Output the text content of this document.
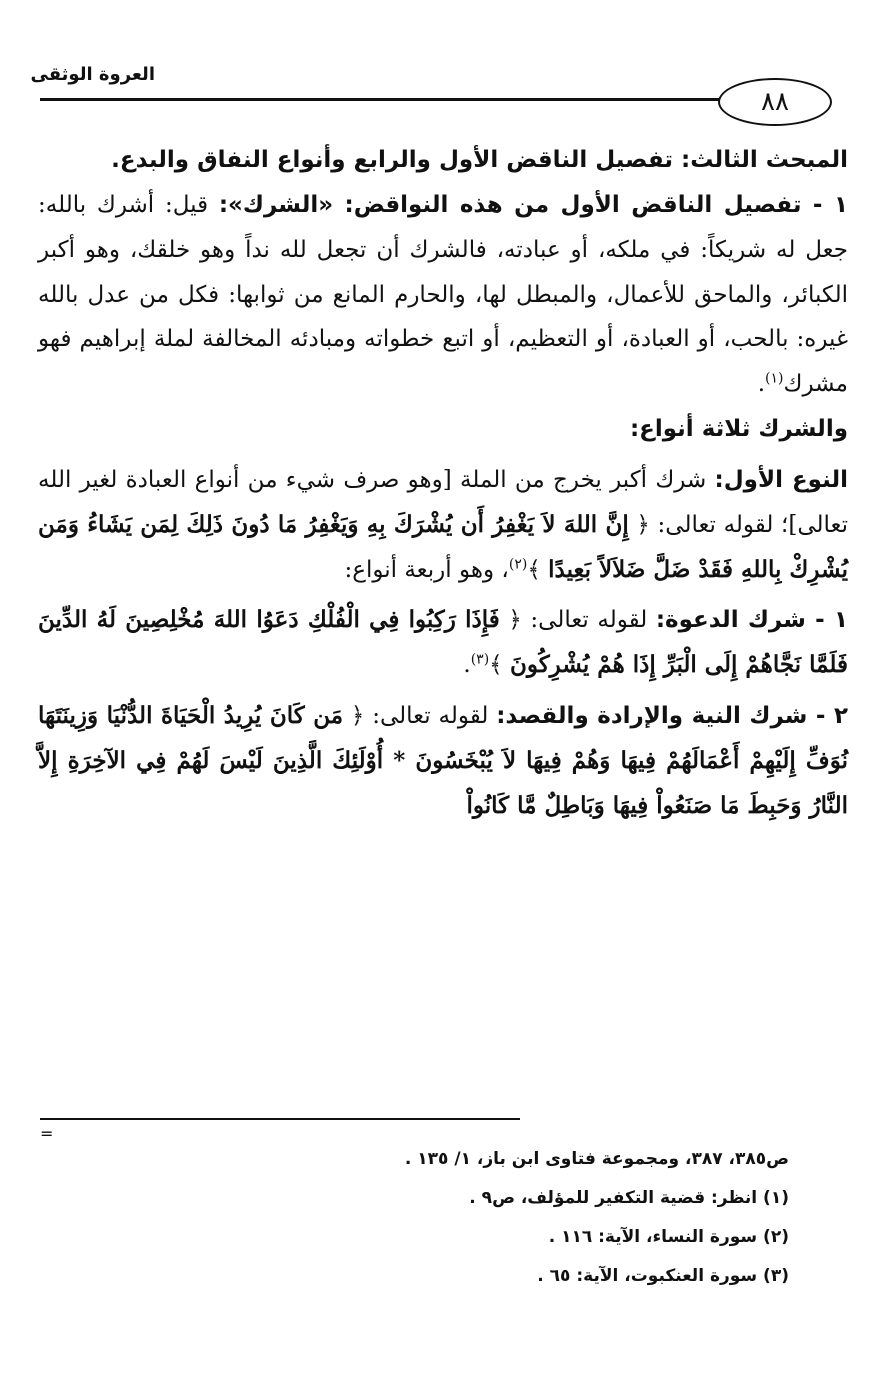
العروة الوثقى
٨٨

المبحث الثالث: تفصيل الناقض الأول والرابع وأنواع النفاق والبدع.

١ - تفصيل الناقض الأول من هذه النواقض: «الشرك»: قيل: أشرك بالله: جعل له شريكاً: في ملكه، أو عبادته، فالشرك أن تجعل لله نداً وهو خلقك، وهو أكبر الكبائر، والماحق للأعمال، والمبطل لها، والحارم المانع من ثوابها: فكل من عدل بالله غيره: بالحب، أو العبادة، أو التعظيم، أو اتبع خطواته ومبادئه المخالفة لملة إبراهيم فهو مشرك$^{(١)}$.

والشرك ثلاثة أنواع:

النوع الأول: شرك أكبر يخرج من الملة [وهو صرف شيء من أنواع العبادة لغير الله تعالى]؛ لقوله تعالى: ﴿ إِنَّ اللهَ لاَ يَغْفِرُ أَن يُشْرَكَ بِهِ وَيَغْفِرُ مَا دُونَ ذَلِكَ لِمَن يَشَاءُ وَمَن يُشْرِكْ بِاللهِ فَقَدْ ضَلَّ ضَلاَلاً بَعِيدًا ﴾$^{(٢)}$، وهو أربعة أنواع:

١ - شرك الدعوة: لقوله تعالى: ﴿ فَإِذَا رَكِبُوا فِي الْفُلْكِ دَعَوُا اللهَ مُخْلِصِينَ لَهُ الدِّينَ فَلَمَّا نَجَّاهُمْ إِلَى الْبَرِّ إِذَا هُمْ يُشْرِكُونَ ﴾$^{(٣)}$.

٢ - شرك النية والإرادة والقصد: لقوله تعالى: ﴿ مَن كَانَ يُرِيدُ الْحَيَاةَ الدُّنْيَا وَزِينَتَهَا نُوَفِّ إِلَيْهِمْ أَعْمَالَهُمْ فِيهَا وَهُمْ فِيهَا لاَ يُبْخَسُونَ * أُوْلَئِكَ الَّذِينَ لَيْسَ لَهُمْ فِي الآخِرَةِ إِلاَّ النَّارُ وَحَبِطَ مَا صَنَعُواْ فِيهَا وَبَاطِلٌ مَّا كَانُواْ

=

ص٣٨٥، ٣٨٧، ومجموعة فتاوى ابن باز، ١/ ١٣٥ .

(١) انظر: قضية التكفير للمؤلف، ص٩ .

(٢) سورة النساء، الآية: ١١٦ .

(٣) سورة العنكبوت، الآية: ٦٥ .
